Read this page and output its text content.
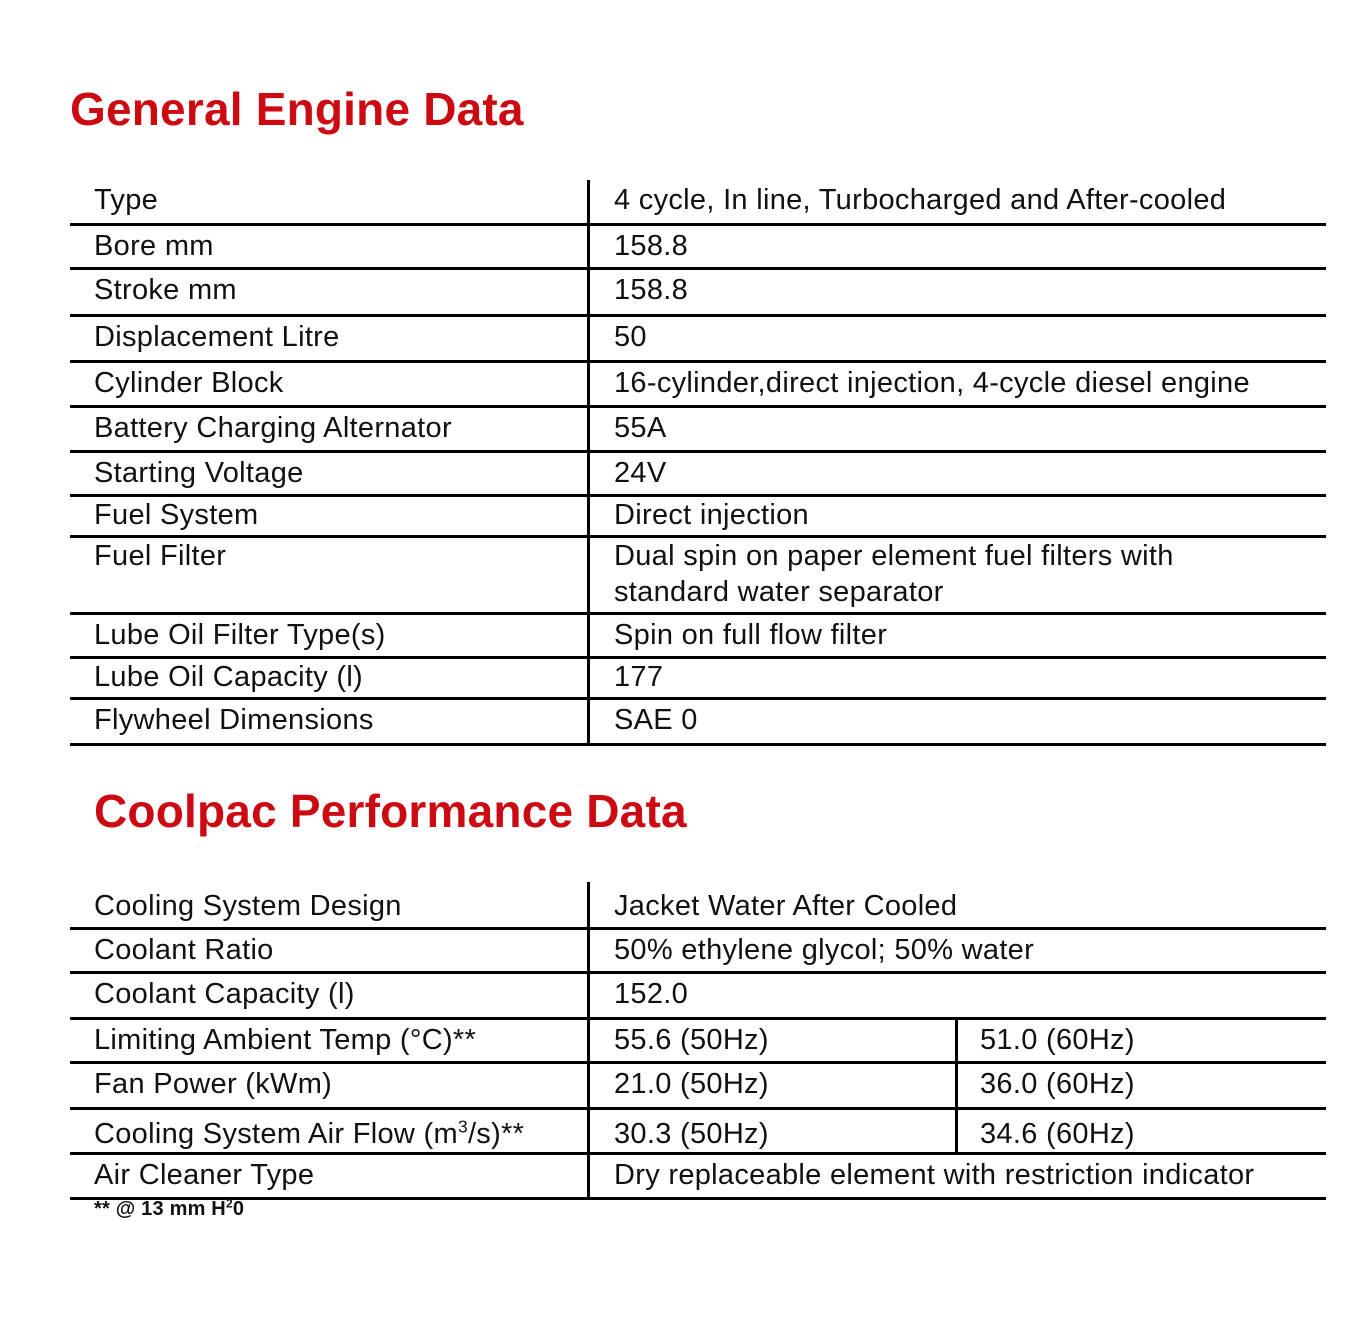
General Engine Data
Type	4 cycle, In line, Turbocharged and After-cooled
Bore mm	158.8
Stroke mm	158.8
Displacement Litre	50
Cylinder Block	16-cylinder,direct injection, 4-cycle diesel engine
Battery Charging Alternator	55A
Starting Voltage	24V
Fuel System	Direct injection
Fuel Filter	Dual spin on paper element fuel filters with standard water separator
Lube Oil Filter Type(s)	Spin on full flow filter
Lube Oil Capacity (l)	177
Flywheel Dimensions	SAE 0
Coolpac Performance Data
Cooling System Design	Jacket Water After Cooled
Coolant Ratio	50% ethylene glycol; 50% water
Coolant Capacity (l)	152.0
Limiting Ambient Temp (°C)**	55.6 (50Hz)	51.0 (60Hz)
Fan Power (kWm)	21.0 (50Hz)	36.0 (60Hz)
Cooling System Air Flow $(m^3/s)**$	30.3 (50Hz)	34.6 (60Hz)
Air Cleaner Type	Dry replaceable element with restriction indicator

** @ 13 mm $H^20$
